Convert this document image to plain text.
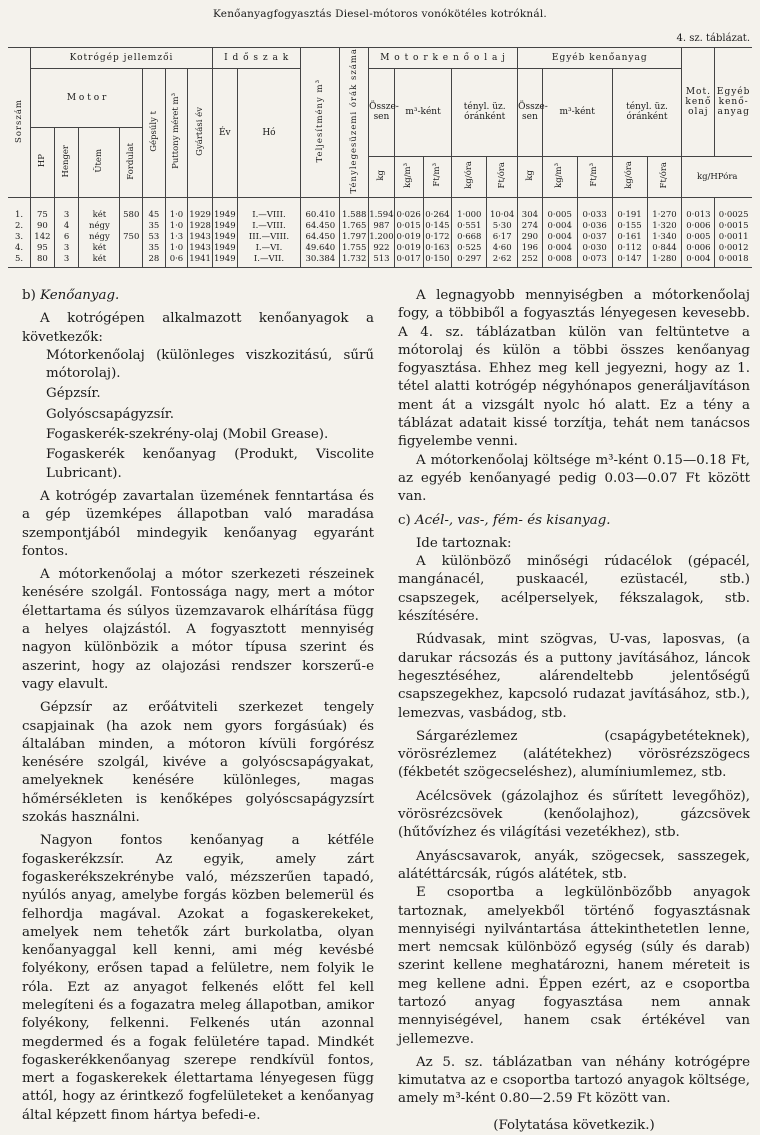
Kenőanyagfogyasztás Diesel-mótoros vonókötéles kotróknál.
4. sz. táblázat.
Sorszám	Kotrógép jellemzői							I d ő s z a k		Teljesítmény m³	Ténylegesüzemi órák száma	M o t o r k e n ő o l a j					Egyéb kenőanyag					Mot. kenő olaj	Egyéb kenő-anyag
	M o t o r				Gépsúly t	Puttony méret m³	Gyártási év	Év	Hó			Össze-sen	m³-ként		tényl. üz. óránként		Össze-sen	m³-ként		tényl. üz. óránként			
	HP	Henger	Ütem	Fordulat																			
												kg	kg/m³	Ft/m³	kg/óra	Ft/óra	kg	kg/m³	Ft/m³	kg/óra	Ft/óra	kg/HPóra	
1.	75	3	két	580	45	1·0	1929	1949	I.—VIII.	60.410	1.588	1.594	0·026	0·264	1·000	10·04	304	0·005	0·033	0·191	1·270	0·013	0·0025
2.	90	4	négy		35	1·0	1928	1949	I.—VIII.	64.450	1.765	987	0·015	0·145	0·551	5·30	274	0·004	0·036	0·155	1·320	0·006	0·0015
3.	142	6	négy	750	53	1·3	1943	1949	III.—VIII.	64.450	1.797	1.200	0·019	0·172	0·668	6·17	290	0·004	0·037	0·161	1·340	0·005	0·0011
4.	95	3	két		35	1·0	1943	1949	I.—VI.	49.640	1.755	922	0·019	0·163	0·525	4·60	196	0·004	0·030	0·112	0·844	0·006	0·0012
5.	80	3	két		28	0·6	1941	1949	I.—VII.	30.384	1.732	513	0·017	0·150	0·297	2·62	252	0·008	0·073	0·147	1·280	0·004	0·0018

b) Kenőanyag.

A kotrógépen alkalmazott kenőanyagok a következők:

Mótorkenőolaj (különleges viszkozitású, sűrű mótorolaj).

Gépzsír.

Golyóscsapágyzsír.

Fogaskerék-szekrény-olaj (Mobil Grease).

Fogaskerék kenőanyag (Produkt, Viscolite Lubricant).

A kotrógép zavartalan üzemének fenntartása és a gép üzemképes állapotban való maradása szempontjából mindegyik kenőanyag egyaránt fontos.

A mótorkenőolaj a mótor szerkezeti részeinek kenésére szolgál. Fontossága nagy, mert a mótor élettartama és súlyos üzemzavarok elhárítása függ a helyes olajzástól. A fogyasztott mennyiség nagyon különbözik a mótor típusa szerint és aszerint, hogy az olajozási rendszer korszerű-e vagy elavult.

Gépzsír az erőátviteli szerkezet tengely csapjainak (ha azok nem gyors forgásúak) és általában minden, a mótoron kívüli forgórész kenésére szolgál, kivéve a golyóscsapágyakat, amelyeknek kenésére különleges, magas hőmérsékleten is kenőképes golyóscsapágyzsírt szokás használni.

Nagyon fontos kenőanyag a kétféle fogaskerékzsír. Az egyik, amely zárt fogaskerékszekrénybe való, mézszerűen tapadó, nyúlós anyag, amelybe forgás közben belemerül és felhordja magával. Azokat a fogaskerekeket, amelyek nem tehetők zárt burkolatba, olyan kenőanyaggal kell kenni, ami még kevésbé folyékony, erősen tapad a felületre, nem folyik le róla. Ezt az anyagot felkenés előtt fel kell melegíteni és a fogazatra meleg állapotban, amikor folyékony, felkenni. Felkenés után azonnal megdermed és a fogak felületére tapad. Mindkét fogaskerékkenőanyag szerepe rendkívül fontos, mert a fogaskerekek élettartama lényegesen függ attól, hogy az érintkező fogfelületeket a kenőanyag által képzett finom hártya befedi-e.

A legnagyobb mennyiségben a mótorkenőolaj fogy, a többiből a fogyasztás lényegesen kevesebb. A 4. sz. táblázatban külön van feltüntetve a mótorolaj és külön a többi összes kenőanyag fogyasztása. Ehhez meg kell jegyezni, hogy az 1. tétel alatti kotrógép négyhónapos generáljavításon ment át a vizsgált nyolc hó alatt. Ez a tény a táblázat adatait kissé torzítja, tehát nem tanácsos figyelembe venni.

A mótorkenőolaj költsége m³-ként 0.15—0.18 Ft, az egyéb kenőanyagé pedig 0.03—0.07 Ft között van.

c) Acél-, vas-, fém- és kisanyag.

Ide tartoznak:

A különböző minőségi rúdacélok (gépacél, mangánacél, puskaacél, ezüstacél, stb.) csapszegek, acélperselyek, fékszalagok, stb. készítésére.

Rúdvasak, mint szögvas, U-vas, laposvas, (a darukar rácsozás és a puttony javításához, láncok hegesztéséhez, alárendeltebb jelentőségű csapszegekhez, kapcsoló rudazat javításához, stb.), lemezvas, vasbádog, stb.

Sárgarézlemez (csapágybetéteknek), vörösrézlemez (alátétekhez) vörösrézszögecs (fékbetét szögecseléshez), alumíniumlemez, stb.

Acélcsövek (gázolajhoz és sűrített levegőhöz), vörösrézcsövek (kenőolajhoz), gázcsövek (hűtővízhez és világítási vezetékhez), stb.

Anyáscsavarok, anyák, szögecsek, sasszegek, alátéttárcsák, rúgós alátétek, stb.

E csoportba a legkülönbözőbb anyagok tartoznak, amelyekből történő fogyasztásnak mennyiségi nyilvántartása áttekinthetetlen lenne, mert nemcsak különböző egység (súly és darab) szerint kellene meghatározni, hanem méreteit is meg kellene adni. Éppen ezért, az e csoportba tartozó anyag fogyasztása nem annak mennyiségével, hanem csak értékével van jellemezve.

Az 5. sz. táblázatban van néhány kotrógépre kimutatva az e csoportba tartozó anyagok költsége, amely m³-ként 0.80—2.59 Ft között van.

(Folytatása következik.)
